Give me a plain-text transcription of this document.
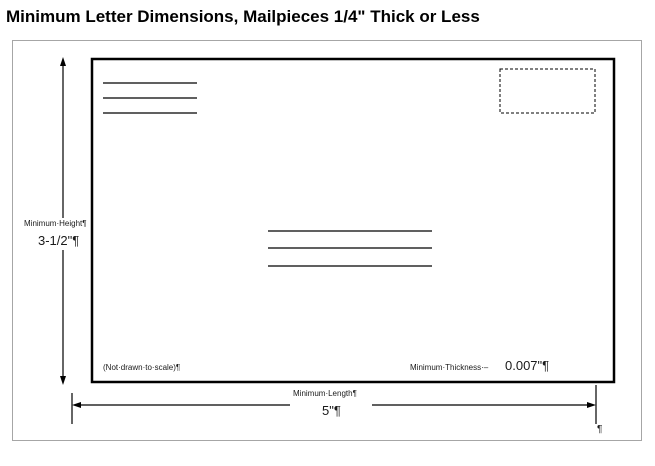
Minimum Letter Dimensions, Mailpieces 1/4" Thick or Less
Minimum·Height¶
3-1/2"¶
Minimum·Length¶
5"¶
(Not·drawn·to·scale)¶	Minimum·Thickness·– 0.007"¶
¶
